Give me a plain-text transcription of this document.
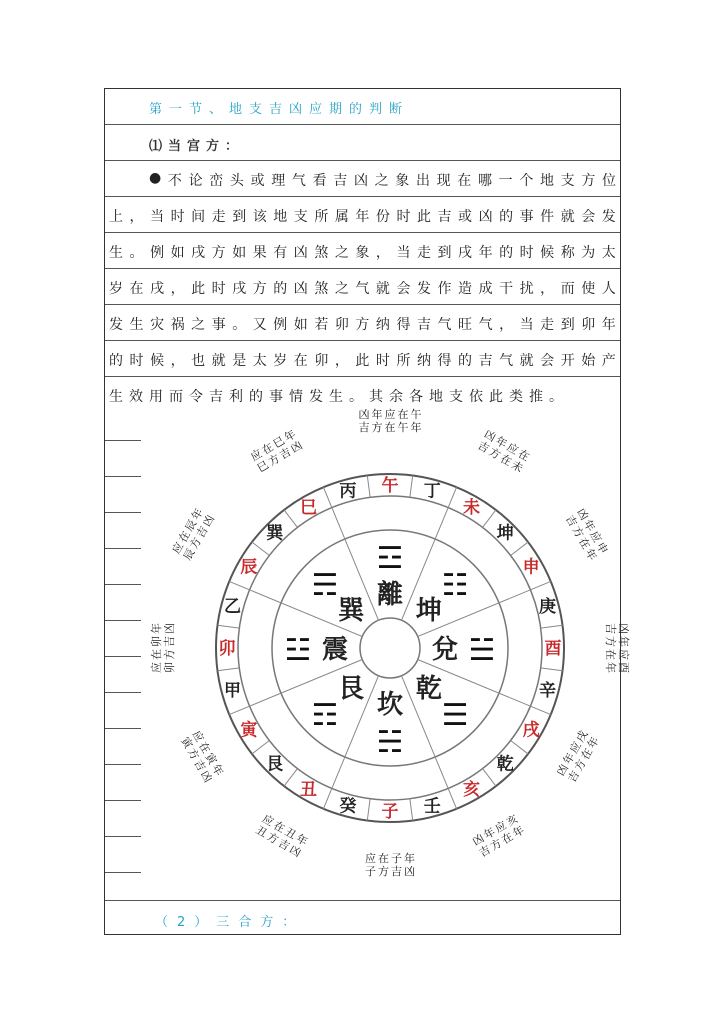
第一节、地支吉凶应期的判断
⑴当宫方：
● 不 论 峦 头 或 理 气 看 吉 凶 之 象 出 现 在 哪 一 个 地 支 方 位
上 ， 当 时 间 走 到 该 地 支 所 属 年 份 时 此 吉 或 凶 的 事 件 就 会 发
生 。 例 如 戌 方 如 果 有 凶 煞 之 象 ， 当 走 到 戌 年 的 时 候 称 为 太
岁 在 戌 ， 此 时 戌 方 的 凶 煞 之 气 就 会 发 作 造 成 干 扰 ， 而 使 人
发 生 灾 祸 之 事 。 又 例 如 若 卯 方 纳 得 吉 气 旺 气 ， 当 走 到 卯 年
的 时 候 ， 也 就 是 太 岁 在 卯 ， 此 时 所 纳 得 的 吉 气 就 会 开 始 产
生效用而令吉利的事情发生。其余各地支依此类推。
（2）三合方：
丙 午 丁
未
坤
申
庚
酉
辛
戌
乾
亥
壬
子
癸
丑
艮
寅
甲
卯
乙
辰
巽
巳
離
☲
坤
☷
兌 ☱
乾
☰
坎
☵
艮
☶
震
☳
巽
☴
凶
吉
年
方
应
在
在
午
午
年
凶
吉 年
方 应
在 在
未
凶
吉 年
方 应
在 申
年
凶
吉
年
方
应
在
酉
年
凶
吉
年
方
应
在
戌
年
凶
吉
年
方
应
在
亥
年
应
子
在
方
子
吉
年
凶
应
丑 在
方 丑
吉 年
凶
应
寅 在
方 寅
吉 年
凶
应 卯
在 方
卯 吉
年 凶
应
辰
在
方
辰
吉
年
凶
应
巳
在
方
巳
吉
年
凶
